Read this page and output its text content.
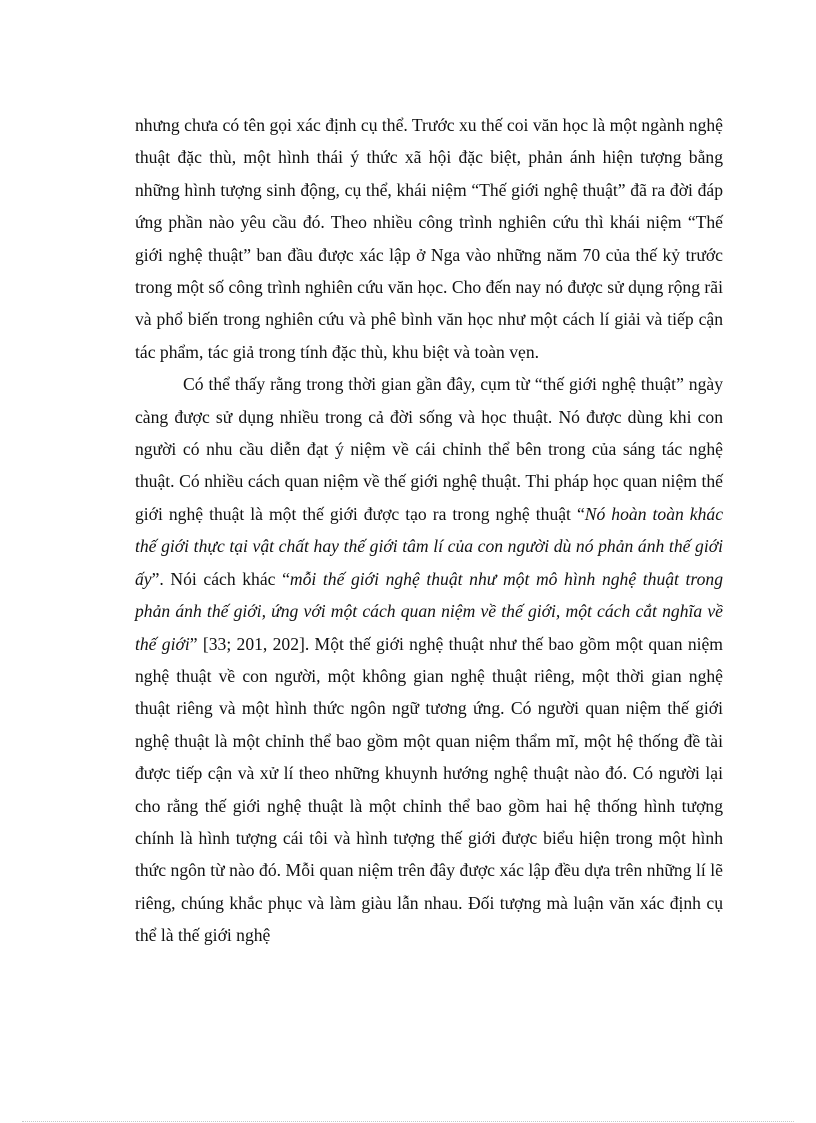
nhưng chưa có tên gọi xác định cụ thể. Trước xu thế coi văn học là một ngành nghệ thuật đặc thù, một hình thái ý thức xã hội đặc biệt, phản ánh hiện tượng bằng những hình tượng sinh động, cụ thể, khái niệm “Thế giới nghệ thuật” đã ra đời đáp ứng phần nào yêu cầu đó. Theo nhiều công trình nghiên cứu thì khái niệm “Thế giới nghệ thuật” ban đầu được xác lập ở Nga vào những năm 70 của thế kỷ trước trong một số công trình nghiên cứu văn học. Cho đến nay nó được sử dụng rộng rãi và phổ biến trong nghiên cứu và phê bình văn học như một cách lí giải và tiếp cận tác phẩm, tác giả trong tính đặc thù, khu biệt và toàn vẹn.

Có thể thấy rằng trong thời gian gần đây, cụm từ “thế giới nghệ thuật” ngày càng được sử dụng nhiều trong cả đời sống và học thuật. Nó được dùng khi con người có nhu cầu diễn đạt ý niệm về cái chỉnh thể bên trong của sáng tác nghệ thuật. Có nhiều cách quan niệm về thế giới nghệ thuật. Thi pháp học quan niệm thế giới nghệ thuật là một thế giới được tạo ra trong nghệ thuật “Nó hoàn toàn khác thế giới thực tại vật chất hay thế giới tâm lí của con người dù nó phản ánh thế giới ấy”. Nói cách khác “mỗi thế giới nghệ thuật như một mô hình nghệ thuật trong phản ánh thế giới, ứng với một cách quan niệm về thế giới, một cách cắt nghĩa về thế giới” [33; 201, 202]. Một thế giới nghệ thuật như thế bao gồm một quan niệm nghệ thuật về con người, một không gian nghệ thuật riêng, một thời gian nghệ thuật riêng và một hình thức ngôn ngữ tương ứng. Có người quan niệm thế giới nghệ thuật là một chỉnh thể bao gồm một quan niệm thẩm mĩ, một hệ thống đề tài được tiếp cận và xử lí theo những khuynh hướng nghệ thuật nào đó. Có người lại cho rằng thế giới nghệ thuật là một chỉnh thể bao gồm hai hệ thống hình tượng chính là hình tượng cái tôi và hình tượng thế giới được biểu hiện trong một hình thức ngôn từ nào đó. Mỗi quan niệm trên đây được xác lập đều dựa trên những lí lẽ riêng, chúng khắc phục và làm giàu lẫn nhau. Đối tượng mà luận văn xác định cụ thể là thế giới nghệ
